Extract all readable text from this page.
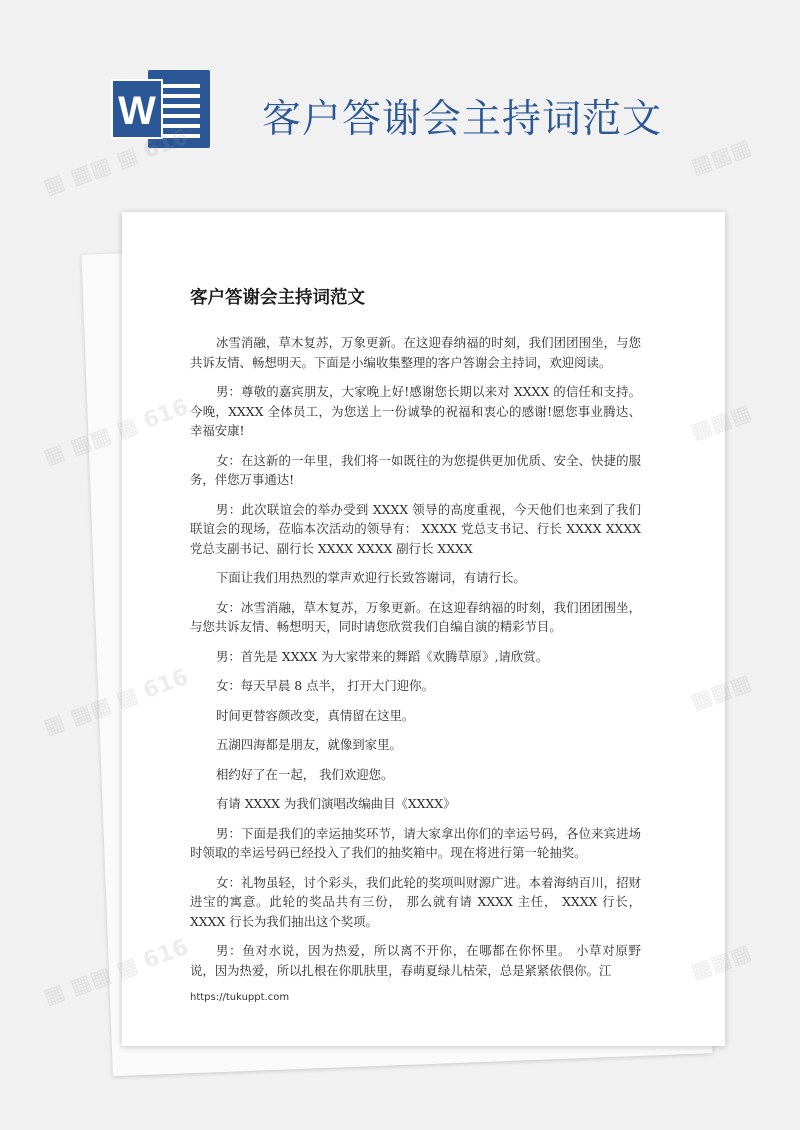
W	客户答谢会主持词范文
客户答谢会主持词范文

冰雪消融，草木复苏，万象更新。在这迎春纳福的时刻，我们团团围坐，与您共诉友情、畅想明天。下面是小编收集整理的客户答谢会主持词，欢迎阅读。

男：尊敬的嘉宾朋友，大家晚上好!感谢您长期以来对 XXXX 的信任和支持。今晚，XXXX 全体员工，为您送上一份诚挚的祝福和衷心的感谢!愿您事业腾达、幸福安康!

女：在这新的一年里，我们将一如既往的为您提供更加优质、安全、快捷的服务，伴您万事通达!

男：此次联谊会的举办受到 XXXX 领导的高度重视，今天他们也来到了我们联谊会的现场，莅临本次活动的领导有： XXXX 党总支书记、行长 XXXX XXXX 党总支副书记、副行长 XXXX XXXX 副行长 XXXX

下面让我们用热烈的掌声欢迎行长致答谢词，有请行长。

女：冰雪消融，草木复苏，万象更新。在这迎春纳福的时刻，我们团团围坐，与您共诉友情、畅想明天，同时请您欣赏我们自编自演的精彩节目。

男：首先是 XXXX 为大家带来的舞蹈《欢腾草原》,请欣赏。

女：每天早晨 8 点半， 打开大门迎你。

时间更替容颜改变，真情留在这里。

五湖四海都是朋友，就像到家里。

相约好了在一起， 我们欢迎您。

有请 XXXX 为我们演唱改编曲目《XXXX》

男：下面是我们的幸运抽奖环节，请大家拿出你们的幸运号码，各位来宾进场时领取的幸运号码已经投入了我们的抽奖箱中。现在将进行第一轮抽奖。

女：礼物虽轻，讨个彩头，我们此轮的奖项叫财源广进。本着海纳百川，招财进宝的寓意。此轮的奖品共有三份， 那么就有请 XXXX 主任， XXXX 行长，XXXX 行长为我们抽出这个奖项。

男：鱼对水说，因为热爱，所以离不开你，在哪都在你怀里。 小草对原野说，因为热爱，所以扎根在你肌肤里，春萌夏绿儿枯荣，总是紧紧依偎你。江

https://tukuppt.com
▦ ▦▦ ▦ 616	▦▦▦
▦
▦ ▦▦
▦ ▦▦
